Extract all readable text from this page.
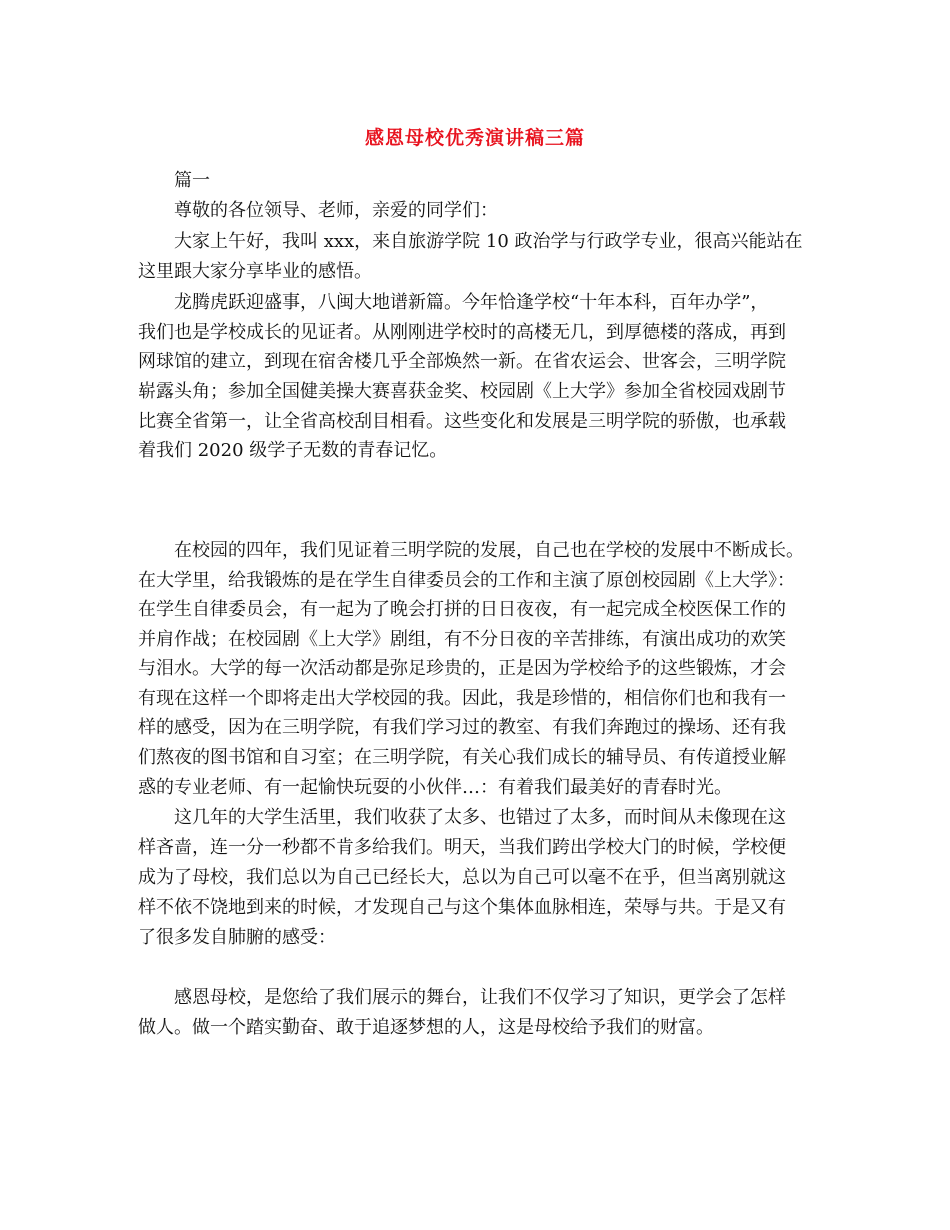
感恩母校优秀演讲稿三篇
　　篇一
　　尊敬的各位领导、老师，亲爱的同学们：
　　大家上午好，我叫 xxx，来自旅游学院 10 政治学与行政学专业，很高兴能站在
这里跟大家分享毕业的感悟。
　　龙腾虎跃迎盛事，八闽大地谱新篇。今年恰逢学校“十年本科，百年办学”，
我们也是学校成长的见证者。从刚刚进学校时的高楼无几，到厚德楼的落成，再到
网球馆的建立，到现在宿舍楼几乎全部焕然一新。在省农运会、世客会，三明学院
崭露头角；参加全国健美操大赛喜获金奖、校园剧《上大学》参加全省校园戏剧节
比赛全省第一，让全省高校刮目相看。这些变化和发展是三明学院的骄傲，也承载
着我们 2020 级学子无数的青春记忆。
　　在校园的四年，我们见证着三明学院的发展，自己也在学校的发展中不断成长。
在大学里，给我锻炼的是在学生自律委员会的工作和主演了原创校园剧《上大学》：
在学生自律委员会，有一起为了晚会打拼的日日夜夜，有一起完成全校医保工作的
并肩作战；在校园剧《上大学》剧组，有不分日夜的辛苦排练，有演出成功的欢笑
与泪水。大学的每一次活动都是弥足珍贵的，正是因为学校给予的这些锻炼，才会
有现在这样一个即将走出大学校园的我。因此，我是珍惜的，相信你们也和我有一
样的感受，因为在三明学院，有我们学习过的教室、有我们奔跑过的操场、还有我
们熬夜的图书馆和自习室；在三明学院，有关心我们成长的辅导员、有传道授业解
惑的专业老师、有一起愉快玩耍的小伙伴…：有着我们最美好的青春时光。
　　这几年的大学生活里，我们收获了太多、也错过了太多，而时间从未像现在这
样吝啬，连一分一秒都不肯多给我们。明天，当我们跨出学校大门的时候，学校便
成为了母校，我们总以为自己已经长大，总以为自己可以毫不在乎，但当离别就这
样不依不饶地到来的时候，才发现自己与这个集体血脉相连，荣辱与共。于是又有
了很多发自肺腑的感受：
　　感恩母校，是您给了我们展示的舞台，让我们不仅学习了知识，更学会了怎样
做人。做一个踏实勤奋、敢于追逐梦想的人，这是母校给予我们的财富。
